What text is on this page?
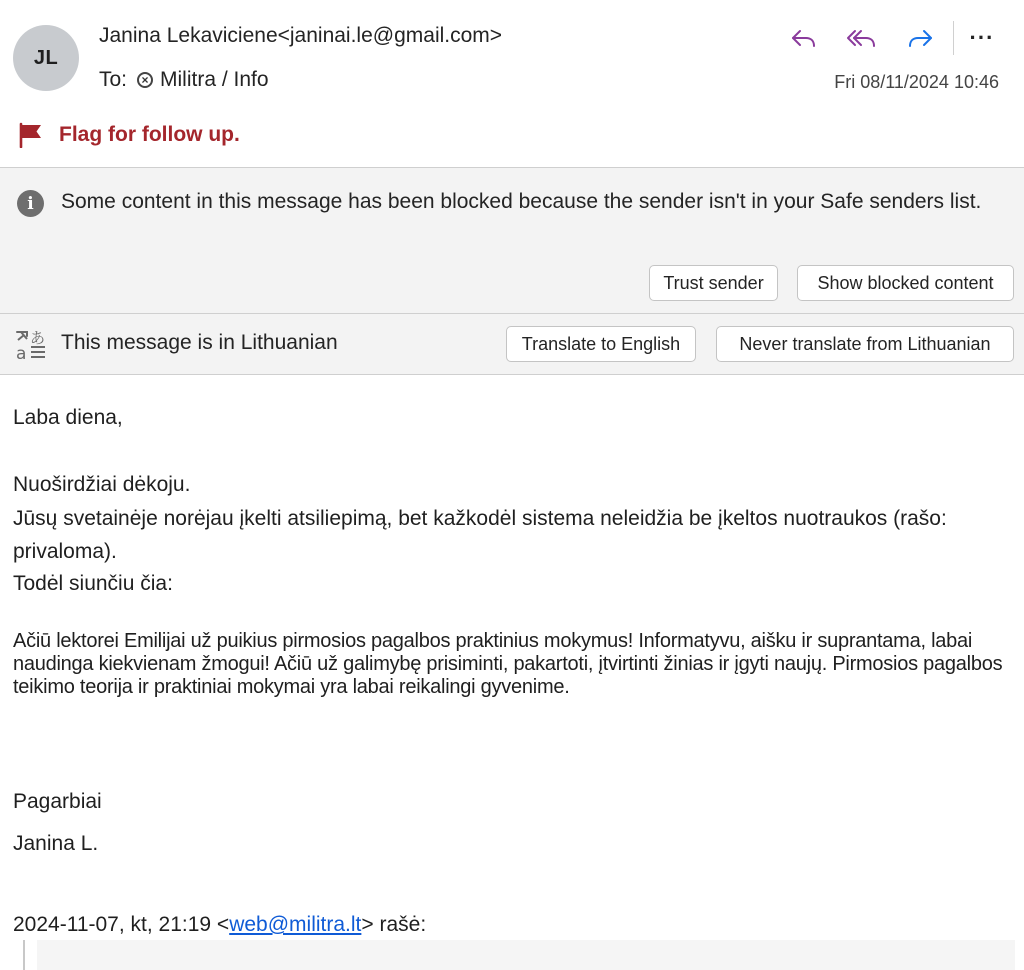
JL
Janina Lekaviciene<janinai.le@gmail.com>
To:	× Militra / Info
···
Fri 08/11/2024 10:46
Flag for follow up.
i	Some content in this message has been blocked because the sender isn't in your Safe senders list.
Trust sender	Show blocked content
a
あ This message is in Lithuanian	Translate to English	Never translate from Lithuanian
Laba diena,
Nuoširdžiai dėkoju.
Jūsų svetainėje norėjau įkelti atsiliepimą, bet kažkodėl sistema neleidžia be įkeltos nuotraukos (rašo: privaloma).
Todėl siunčiu čia:
Ačiū lektorei Emilijai už puikius pirmosios pagalbos praktinius mokymus! Informatyvu, aišku ir suprantama, labai naudinga kiekvienam žmogui! Ačiū už galimybę prisiminti, pakartoti, įtvirtinti žinias ir įgyti naujų. Pirmosios pagalbos teikimo teorija ir praktiniai mokymai yra labai reikalingi gyvenime.
Pagarbiai
Janina L.
2024-11-07, kt, 21:19 <web@militra.lt> rašė:
